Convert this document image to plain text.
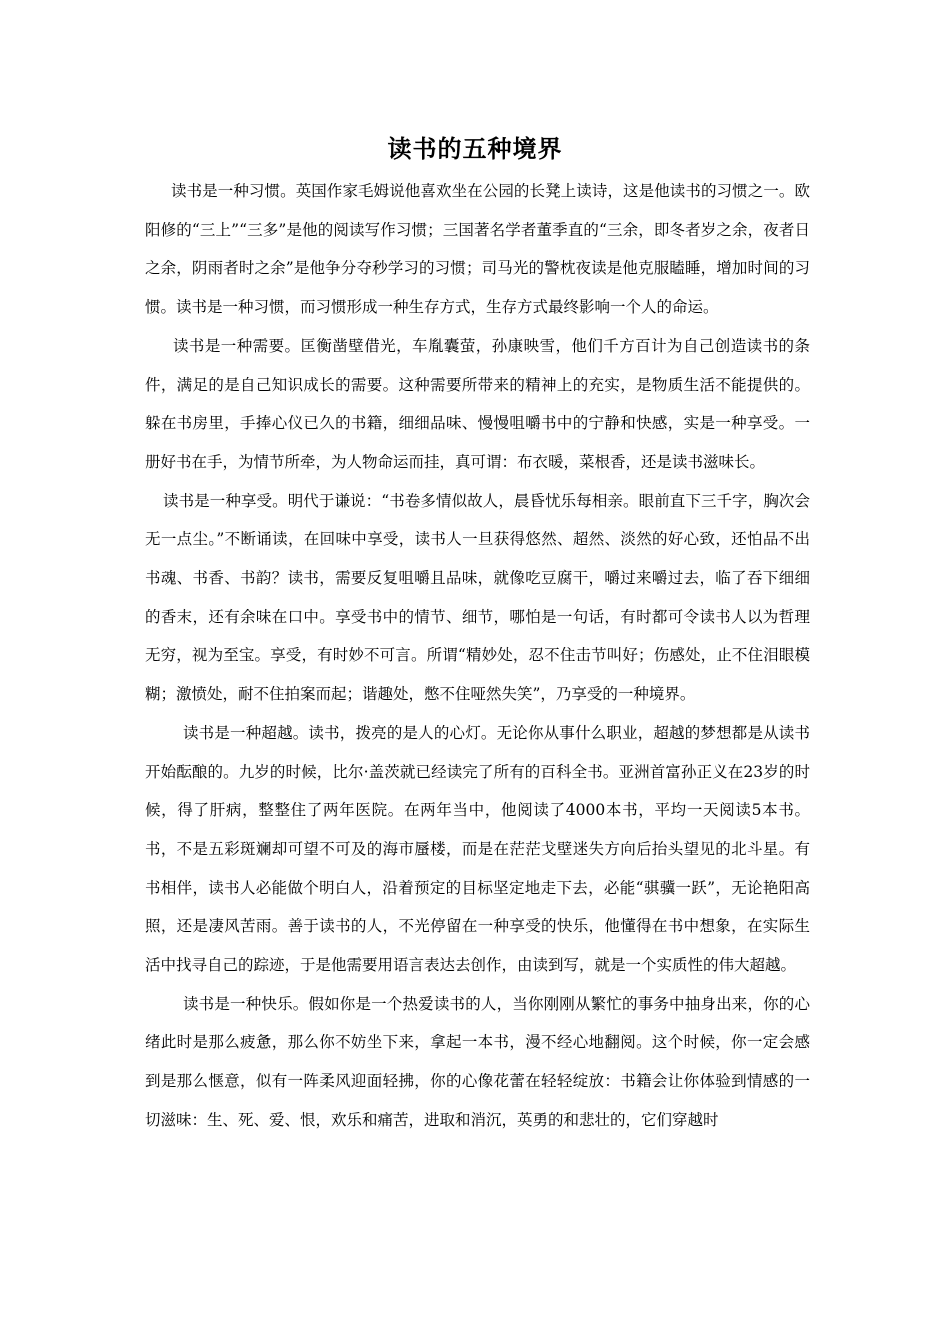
读书的五种境界

读书是一种习惯。英国作家毛姆说他喜欢坐在公园的长凳上读诗，这是他读书的习惯之一。欧阳修的“三上”“三多”是他的阅读写作习惯；三国著名学者董季直的“三余，即冬者岁之余，夜者日之余，阴雨者时之余”是他争分夺秒学习的习惯；司马光的警枕夜读是他克服瞌睡，增加时间的习惯。读书是一种习惯，而习惯形成一种生存方式，生存方式最终影响一个人的命运。

读书是一种需要。匡衡凿壁借光，车胤囊萤，孙康映雪，他们千方百计为自己创造读书的条件，满足的是自己知识成长的需要。这种需要所带来的精神上的充实，是物质生活不能提供的。躲在书房里，手捧心仪已久的书籍，细细品味、慢慢咀嚼书中的宁静和快感，实是一种享受。一册好书在手，为情节所牵，为人物命运而挂，真可谓：布衣暖，菜根香，还是读书滋味长。

读书是一种享受。明代于谦说：“书卷多情似故人，晨昏忧乐每相亲。眼前直下三千字，胸次会无一点尘。”不断诵读，在回味中享受，读书人一旦获得悠然、超然、淡然的好心致，还怕品不出书魂、书香、书韵？读书，需要反复咀嚼且品味，就像吃豆腐干，嚼过来嚼过去，临了吞下细细的香末，还有余味在口中。享受书中的情节、细节，哪怕是一句话，有时都可令读书人以为哲理无穷，视为至宝。享受，有时妙不可言。所谓“精妙处，忍不住击节叫好；伤感处，止不住泪眼模糊；激愤处，耐不住拍案而起；谐趣处，憋不住哑然失笑”，乃享受的一种境界。

读书是一种超越。读书，拨亮的是人的心灯。无论你从事什么职业，超越的梦想都是从读书开始酝酿的。九岁的时候，比尔·盖茨就已经读完了所有的百科全书。亚洲首富孙正义在23岁的时候，得了肝病，整整住了两年医院。在两年当中，他阅读了4000本书，平均一天阅读5本书。书，不是五彩斑斓却可望不可及的海市蜃楼，而是在茫茫戈壁迷失方向后抬头望见的北斗星。有书相伴，读书人必能做个明白人，沿着预定的目标坚定地走下去，必能“骐骥一跃”，无论艳阳高照，还是凄风苦雨。善于读书的人，不光停留在一种享受的快乐，他懂得在书中想象，在实际生活中找寻自己的踪迹，于是他需要用语言表达去创作，由读到写，就是一个实质性的伟大超越。

读书是一种快乐。假如你是一个热爱读书的人，当你刚刚从繁忙的事务中抽身出来，你的心绪此时是那么疲惫，那么你不妨坐下来，拿起一本书，漫不经心地翻阅。这个时候，你一定会感到是那么惬意，似有一阵柔风迎面轻拂，你的心像花蕾在轻轻绽放：书籍会让你体验到情感的一切滋味：生、死、爱、恨，欢乐和痛苦，进取和消沉，英勇的和悲壮的，它们穿越时
